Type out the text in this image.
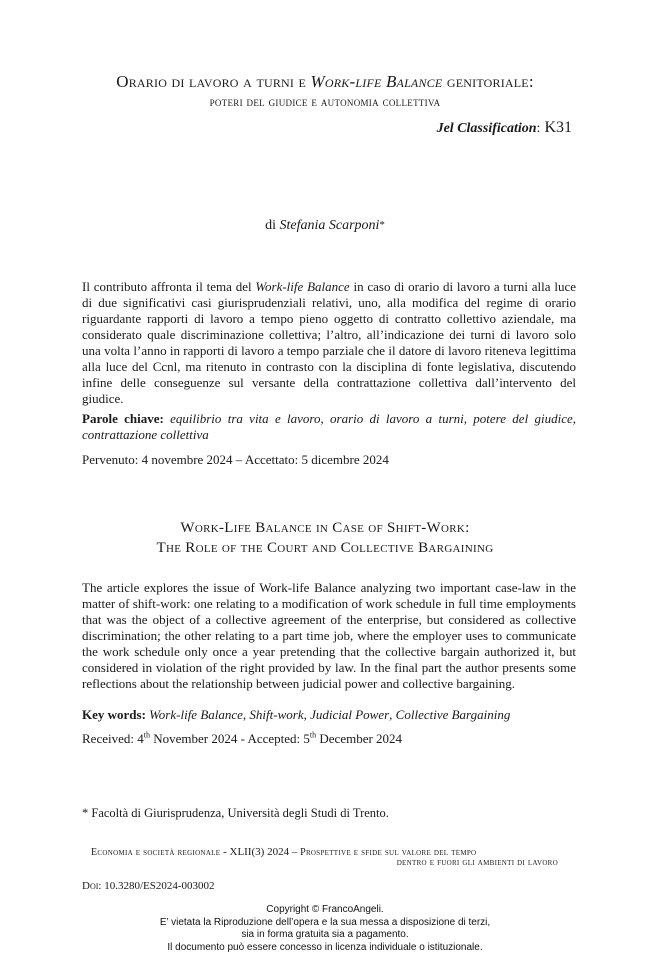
Orario di lavoro a turni e Work-life Balance genitoriale:
poteri del giudice e autonomia collettiva
Jel Classification: K31
di Stefania Scarponi*

Il contributo affronta il tema del Work-life Balance in caso di orario di lavoro a turni alla luce di due significativi casi giurisprudenziali relativi, uno, alla modifica del regime di orario riguardante rapporti di lavoro a tempo pieno oggetto di contratto collettivo aziendale, ma considerato quale discriminazione collettiva; l’altro, all’indicazione dei turni di lavoro solo una volta l’anno in rapporti di lavoro a tempo parziale che il datore di lavoro riteneva legittima alla luce del Ccnl, ma ritenuto in contrasto con la disciplina di fonte legislativa, discutendo infine delle conseguenze sul versante della contrattazione collettiva dall’intervento del giudice.

Parole chiave: equilibrio tra vita e lavoro, orario di lavoro a turni, potere del giudice, contrattazione collettiva

Pervenuto: 4 novembre 2024 – Accettato: 5 dicembre 2024
Work-Life Balance in Case of Shift-Work:
The Role of the Court and Collective Bargaining
The article explores the issue of Work-life Balance analyzing two important case-law in the matter of shift-work: one relating to a modification of work schedule in full time employments that was the object of a collective agreement of the enterprise, but considered as collective discrimination; the other relating to a part time job, where the employer uses to communicate the work schedule only once a year pretending that the collective bargain authorized it, but considered in violation of the right provided by law. In the final part the author presents some reflections about the relationship between judicial power and collective bargaining.
Key words: Work-life Balance, Shift-work, Judicial Power, Collective Bargaining
Received: 4th November 2024 - Accepted: 5th December 2024
* Facoltà di Giurisprudenza, Università degli Studi di Trento.
Economia e società regionale - XLII(3) 2024 – Prospettive e sfide sul valore del tempo
dentro e fuori gli ambienti di lavoro
Doi: 10.3280/ES2024-003002
Copyright © FrancoAngeli.
E’ vietata la Riproduzione dell’opera e la sua messa a disposizione di terzi,
sia in forma gratuita sia a pagamento.
Il documento può essere concesso in licenza individuale o istituzionale.
